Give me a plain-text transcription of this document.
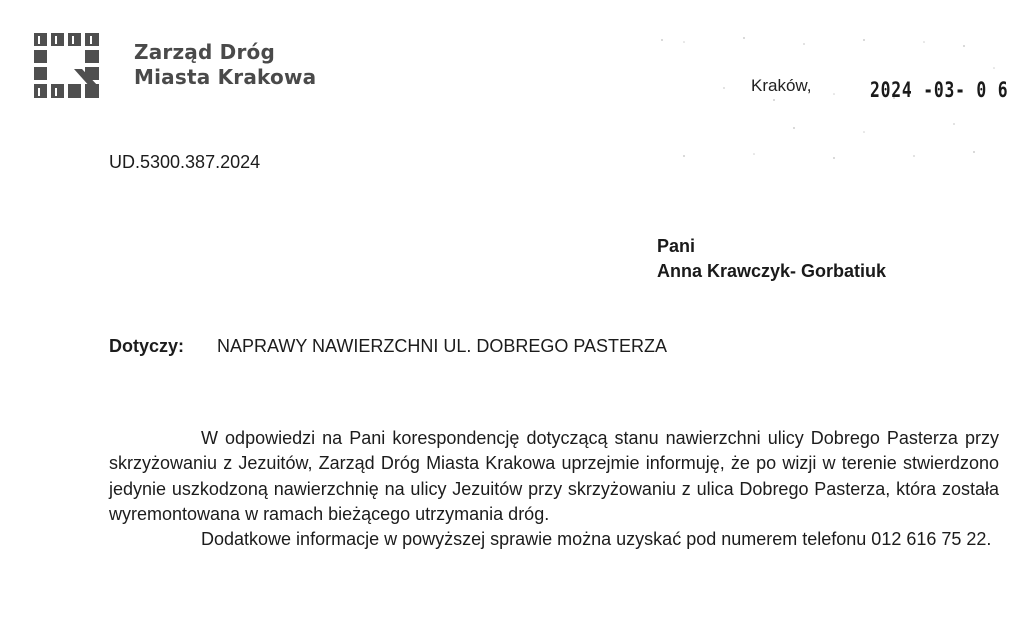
Zarząd Dróg
Miasta Krakowa	Kraków,	2024 -03- 0 6
UD.5300.387.2024
Pani
Anna Krawczyk- Gorbatiuk
Dotyczy: NAPRAWY NAWIERZCHNI UL. DOBREGO PASTERZA

W odpowiedzi na Pani korespondencję dotyczącą stanu nawierzchni ulicy Dobrego Pasterza przy skrzyżowaniu z Jezuitów, Zarząd Dróg Miasta Krakowa uprzejmie informuję, że po wizji w terenie stwierdzono jedynie uszkodzoną nawierzchnię na ulicy Jezuitów przy skrzyżowaniu z ulica Dobrego Pasterza, która została wyremontowana w ramach bieżącego utrzymania dróg.

Dodatkowe informacje w powyższej sprawie można uzyskać pod numerem telefonu 012 616 75 22.
